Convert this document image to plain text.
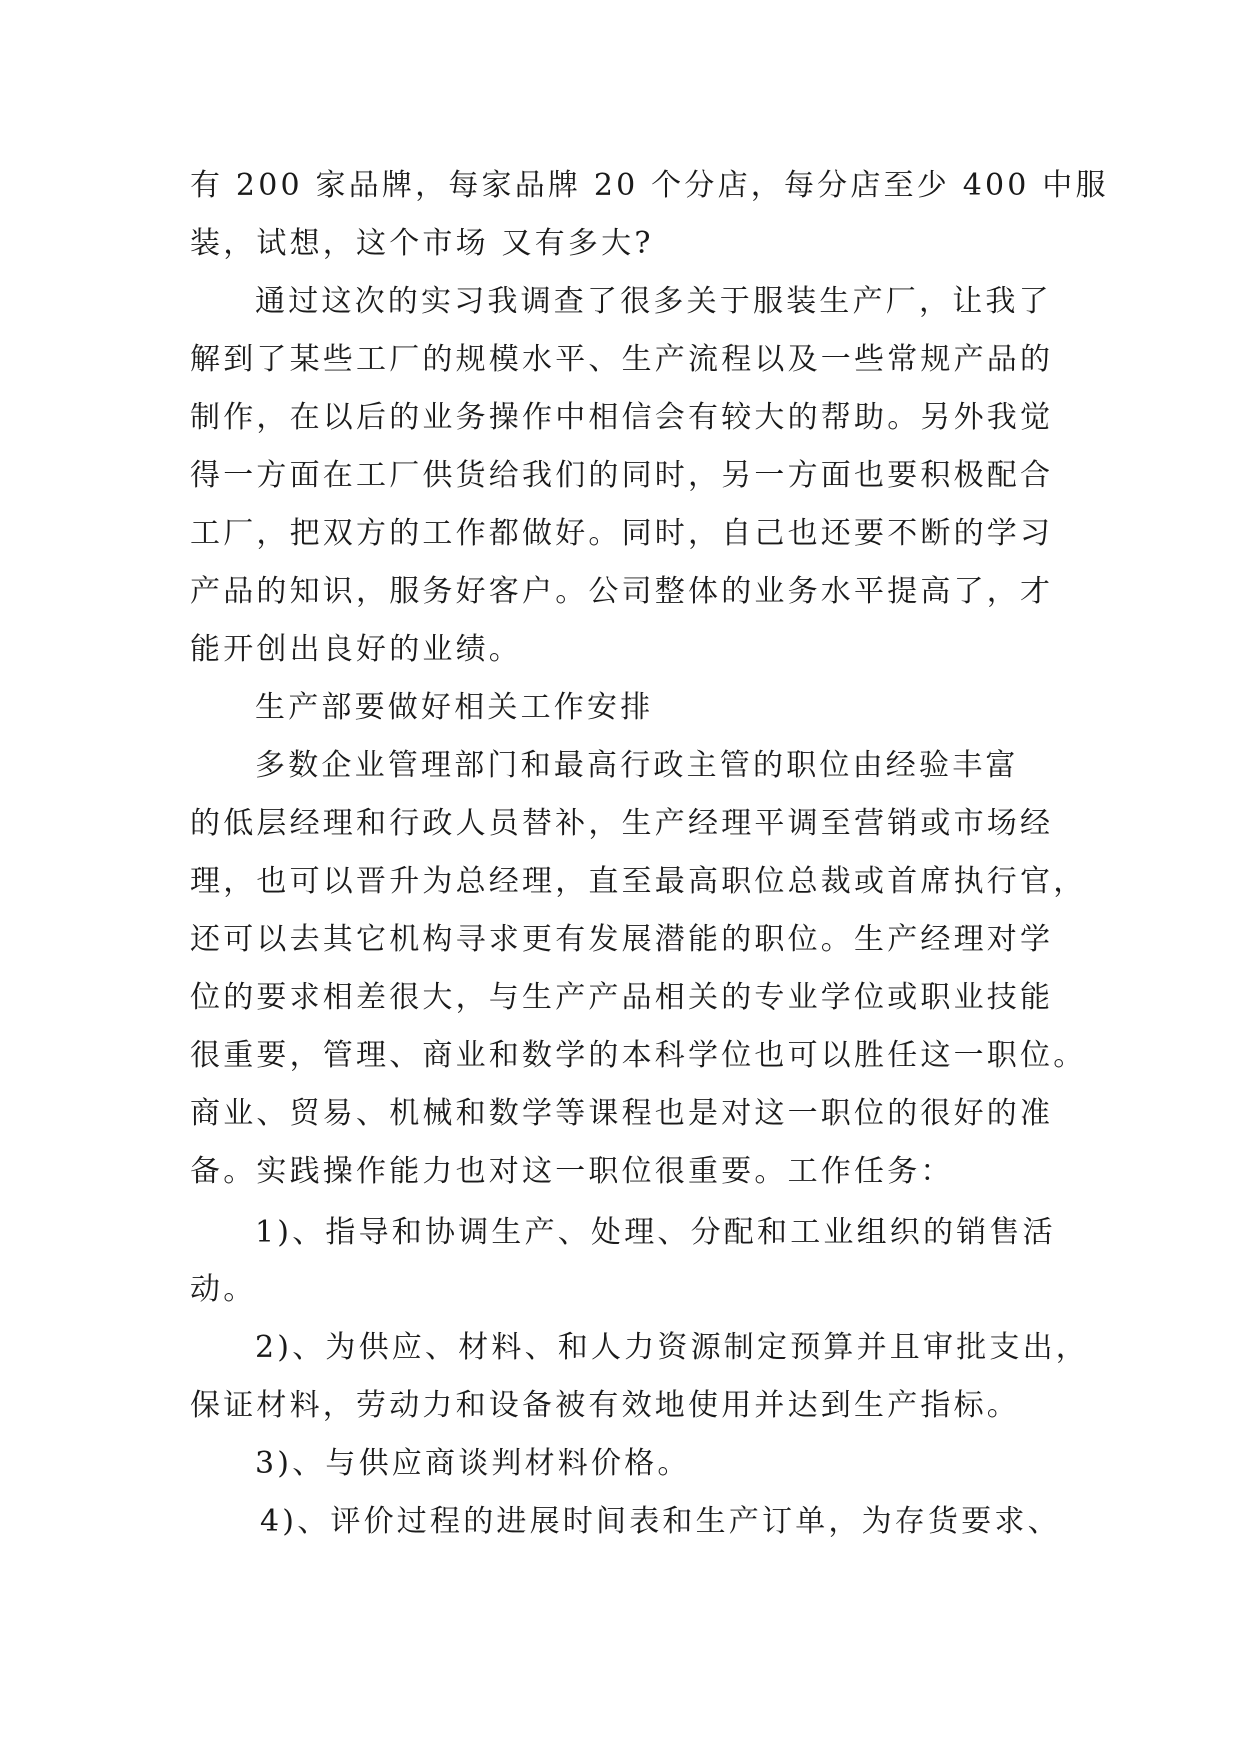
有 200 家品牌，每家品牌 20 个分店，每分店至少 400 中服

装，试想，这个市场 又有多大?

通过这次的实习我调查了很多关于服装生产厂，让我了

解到了某些工厂的规模水平、生产流程以及一些常规产品的

制作，在以后的业务操作中相信会有较大的帮助。另外我觉

得一方面在工厂供货给我们的同时，另一方面也要积极配合

工厂，把双方的工作都做好。同时，自己也还要不断的学习

产品的知识，服务好客户。公司整体的业务水平提高了，才

能开创出良好的业绩。

生产部要做好相关工作安排

多数企业管理部门和最高行政主管的职位由经验丰富

的低层经理和行政人员替补，生产经理平调至营销或市场经

理，也可以晋升为总经理，直至最高职位总裁或首席执行官，

还可以去其它机构寻求更有发展潜能的职位。生产经理对学

位的要求相差很大，与生产产品相关的专业学位或职业技能

很重要，管理、商业和数学的本科学位也可以胜任这一职位。

商业、贸易、机械和数学等课程也是对这一职位的很好的准

备。实践操作能力也对这一职位很重要。工作任务：

1)、指导和协调生产、处理、分配和工业组织的销售活

动。

2)、为供应、材料、和人力资源制定预算并且审批支出，

保证材料，劳动力和设备被有效地使用并达到生产指标。

3)、与供应商谈判材料价格。

4)、评价过程的进展时间表和生产订单，为存货要求、
